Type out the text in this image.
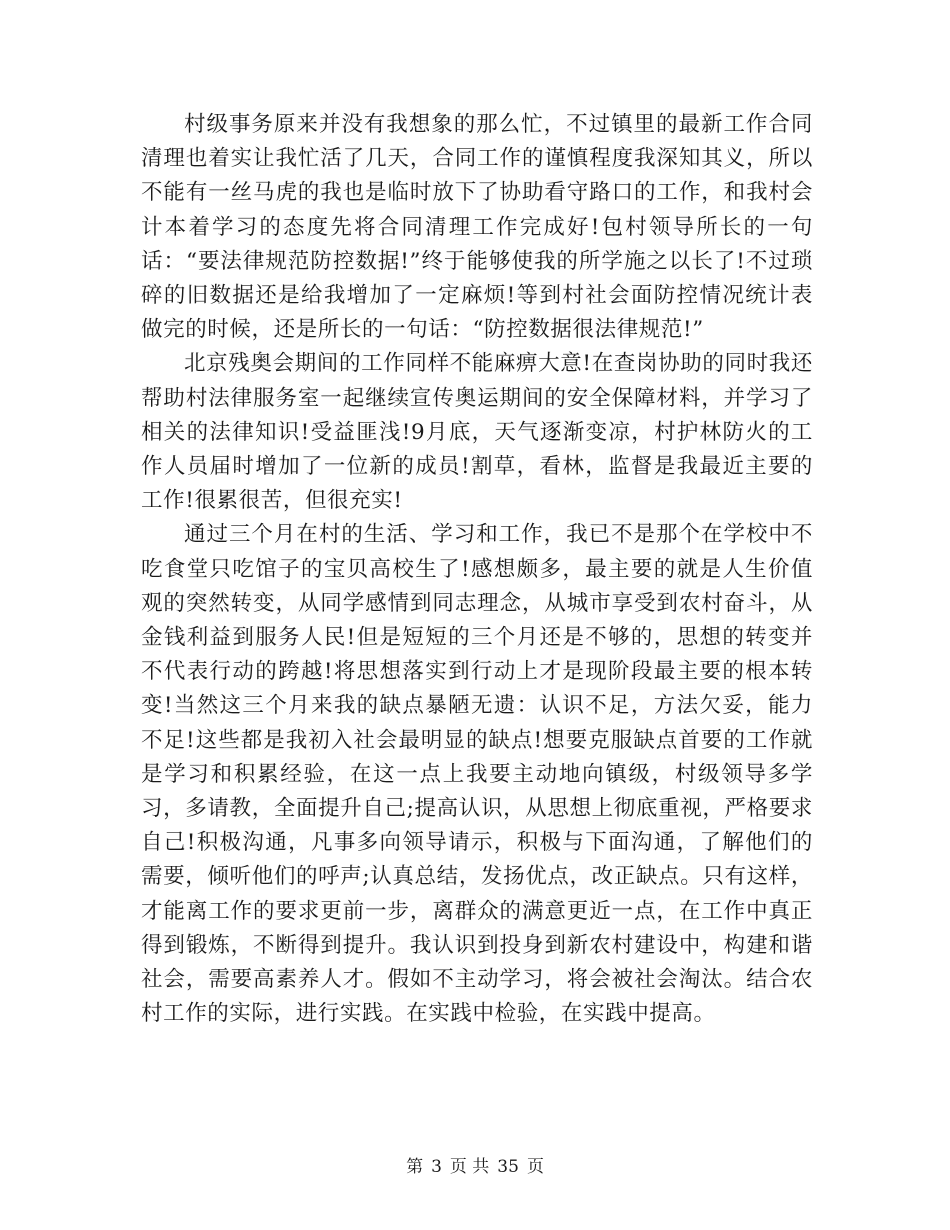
村级事务原来并没有我想象的那么忙，不过镇里的最新工作合同清理也着实让我忙活了几天，合同工作的谨慎程度我深知其义，所以不能有一丝马虎的我也是临时放下了协助看守路口的工作，和我村会计本着学习的态度先将合同清理工作完成好!包村领导所长的一句话：“要法律规范防控数据!”终于能够使我的所学施之以长了!不过琐碎的旧数据还是给我增加了一定麻烦!等到村社会面防控情况统计表做完的时候，还是所长的一句话：“防控数据很法律规范!”

北京残奥会期间的工作同样不能麻痹大意!在查岗协助的同时我还帮助村法律服务室一起继续宣传奥运期间的安全保障材料，并学习了相关的法律知识!受益匪浅!9月底，天气逐渐变凉，村护林防火的工作人员届时增加了一位新的成员!割草，看林，监督是我最近主要的工作!很累很苦，但很充实!

通过三个月在村的生活、学习和工作，我已不是那个在学校中不吃食堂只吃馆子的宝贝高校生了!感想颇多，最主要的就是人生价值观的突然转变，从同学感情到同志理念，从城市享受到农村奋斗，从金钱利益到服务人民!但是短短的三个月还是不够的，思想的转变并不代表行动的跨越!将思想落实到行动上才是现阶段最主要的根本转变!当然这三个月来我的缺点暴陋无遗：认识不足，方法欠妥，能力不足!这些都是我初入社会最明显的缺点!想要克服缺点首要的工作就是学习和积累经验，在这一点上我要主动地向镇级，村级领导多学习，多请教，全面提升自己;提高认识，从思想上彻底重视，严格要求自己!积极沟通，凡事多向领导请示，积极与下面沟通，了解他们的需要，倾听他们的呼声;认真总结，发扬优点，改正缺点。只有这样，才能离工作的要求更前一步，离群众的满意更近一点，在工作中真正得到锻炼，不断得到提升。我认识到投身到新农村建设中，构建和谐社会，需要高素养人才。假如不主动学习，将会被社会淘汰。结合农村工作的实际，进行实践。在实践中检验，在实践中提高。

第 3 页 共 35 页
